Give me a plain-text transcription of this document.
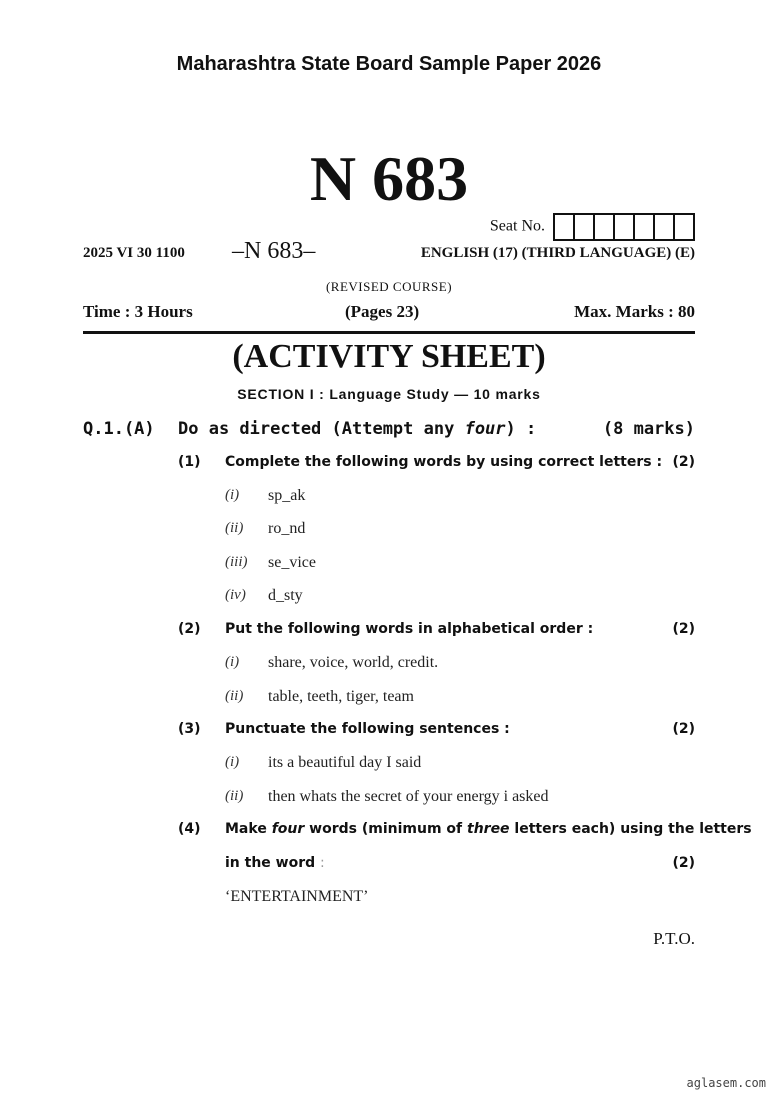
Maharashtra State Board Sample Paper 2026
N 683
Seat No.
2025 VI 30 1100 –N 683–	ENGLISH (17) (THIRD LANGUAGE) (E)
(REVISED COURSE)
Time : 3 Hours	(Pages 23)	Max. Marks : 80
(ACTIVITY SHEET)
SECTION I : Language Study — 10 marks
Q.1.(A) Do as directed (Attempt any four) :	(8 marks)
(1) Complete the following words by using correct letters : (2)
(i) sp_ak
(ii) ro_nd
(iii) se_vice
(iv) d_sty
(2) Put the following words in alphabetical order :	(2)
(i) share, voice, world, credit.
(ii) table, teeth, tiger, team
(3) Punctuate the following sentences :	(2)
(i) its a beautiful day I said
(ii) then whats the secret of your energy i asked
(4) Make four words (minimum of three letters each) using the letters
in the word :	(2)
‘ENTERTAINMENT’
P.T.O.
aglasem.com
